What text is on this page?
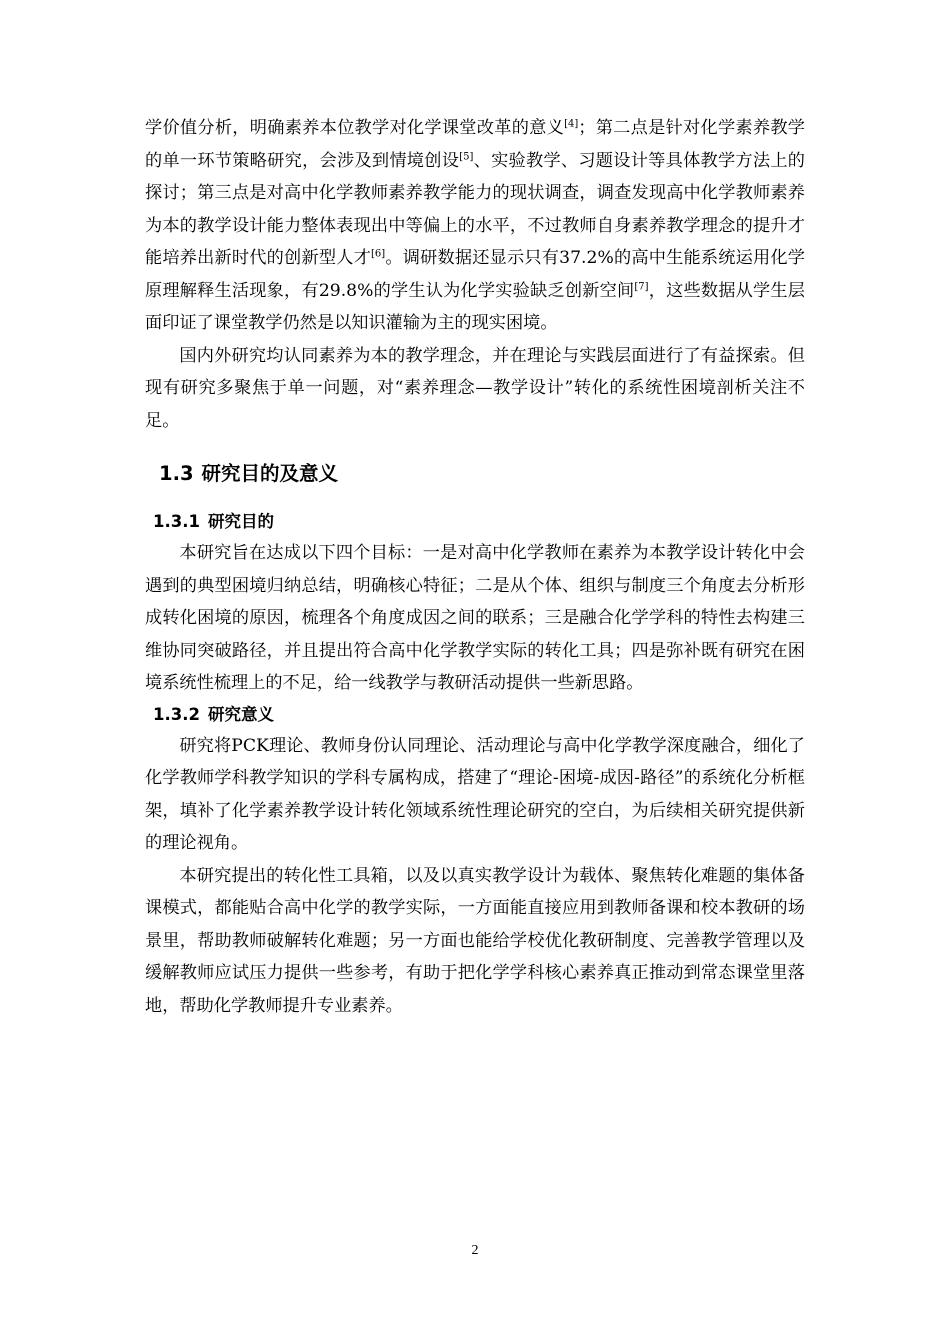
学价值分析，明确素养本位教学对化学课堂改革的意义[4]；第二点是针对化学素养教学的单一环节策略研究，会涉及到情境创设[5]、实验教学、习题设计等具体教学方法上的探讨；第三点是对高中化学教师素养教学能力的现状调查，调查发现高中化学教师素养为本的教学设计能力整体表现出中等偏上的水平，不过教师自身素养教学理念的提升才能培养出新时代的创新型人才[6]。调研数据还显示只有37.2%的高中生能系统运用化学原理解释生活现象，有29.8%的学生认为化学实验缺乏创新空间[7]，这些数据从学生层面印证了课堂教学仍然是以知识灌输为主的现实困境。

国内外研究均认同素养为本的教学理念，并在理论与实践层面进行了有益探索。但现有研究多聚焦于单一问题，对“素养理念—教学设计”转化的系统性困境剖析关注不足。

1.3 研究目的及意义
1.3.1 研究目的

本研究旨在达成以下四个目标：一是对高中化学教师在素养为本教学设计转化中会遇到的典型困境归纳总结，明确核心特征；二是从个体、组织与制度三个角度去分析形成转化困境的原因，梳理各个角度成因之间的联系；三是融合化学学科的特性去构建三维协同突破路径，并且提出符合高中化学教学实际的转化工具；四是弥补既有研究在困境系统性梳理上的不足，给一线教学与教研活动提供一些新思路。

1.3.2 研究意义

研究将PCK理论、教师身份认同理论、活动理论与高中化学教学深度融合，细化了化学教师学科教学知识的学科专属构成，搭建了“理论-困境-成因-路径”的系统化分析框架，填补了化学素养教学设计转化领域系统性理论研究的空白，为后续相关研究提供新的理论视角。

本研究提出的转化性工具箱，以及以真实教学设计为载体、聚焦转化难题的集体备课模式，都能贴合高中化学的教学实际，一方面能直接应用到教师备课和校本教研的场景里，帮助教师破解转化难题；另一方面也能给学校优化教研制度、完善教学管理以及缓解教师应试压力提供一些参考，有助于把化学学科核心素养真正推动到常态课堂里落地，帮助化学教师提升专业素养。

2
